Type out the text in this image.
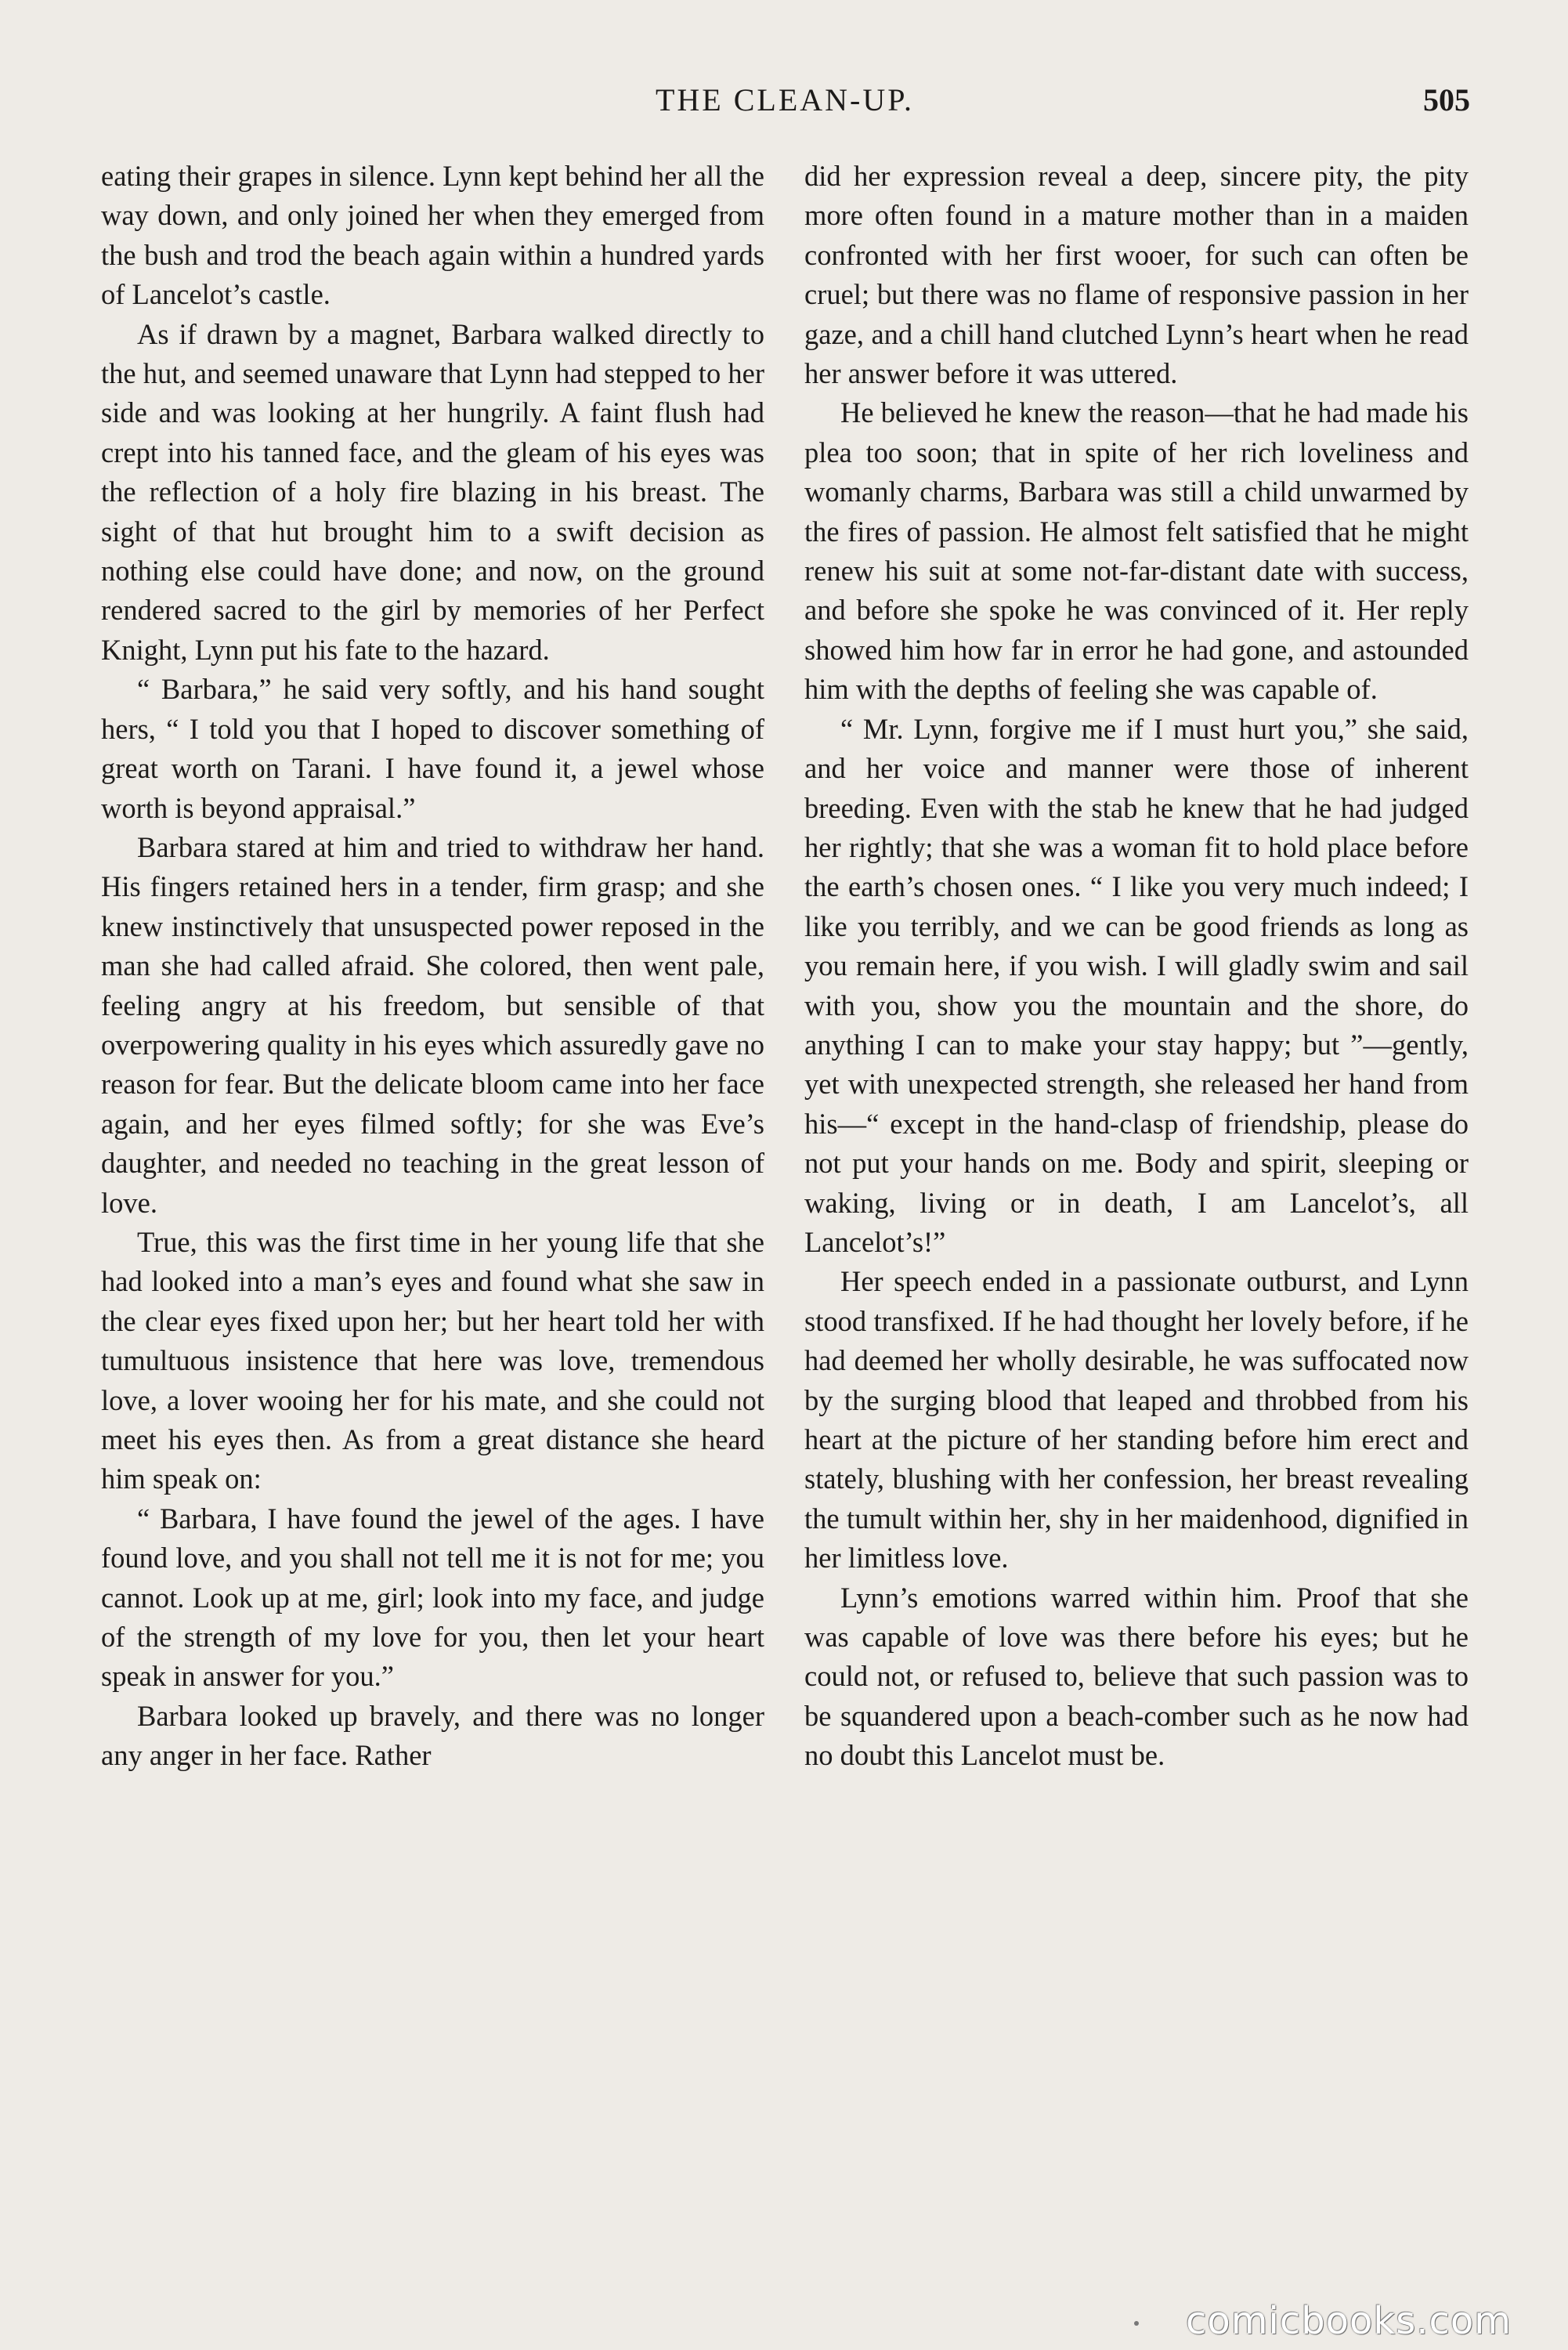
THE CLEAN-UP.	505

eating their grapes in silence. Lynn kept behind her all the way down, and only joined her when they emerged from the bush and trod the beach again within a hundred yards of Lancelot’s castle.

As if drawn by a magnet, Barbara walked directly to the hut, and seemed unaware that Lynn had stepped to her side and was looking at her hungrily. A faint flush had crept into his tanned face, and the gleam of his eyes was the reflection of a holy fire blazing in his breast. The sight of that hut brought him to a swift decision as nothing else could have done; and now, on the ground rendered sacred to the girl by memories of her Perfect Knight, Lynn put his fate to the hazard.

“ Barbara,” he said very softly, and his hand sought hers, “ I told you that I hoped to discover something of great worth on Tarani. I have found it, a jewel whose worth is beyond appraisal.”

Barbara stared at him and tried to withdraw her hand. His fingers retained hers in a tender, firm grasp; and she knew instinctively that unsuspected power reposed in the man she had called afraid. She colored, then went pale, feeling angry at his freedom, but sensible of that overpowering quality in his eyes which assuredly gave no reason for fear. But the delicate bloom came into her face again, and her eyes filmed softly; for she was Eve’s daughter, and needed no teaching in the great lesson of love.

True, this was the first time in her young life that she had looked into a man’s eyes and found what she saw in the clear eyes fixed upon her; but her heart told her with tumultuous insistence that here was love, tremendous love, a lover wooing her for his mate, and she could not meet his eyes then. As from a great distance she heard him speak on:

“ Barbara, I have found the jewel of the ages. I have found love, and you shall not tell me it is not for me; you cannot. Look up at me, girl; look into my face, and judge of the strength of my love for you, then let your heart speak in answer for you.”

Barbara looked up bravely, and there was no longer any anger in her face. Rather

did her expression reveal a deep, sincere pity, the pity more often found in a mature mother than in a maiden confronted with her first wooer, for such can often be cruel; but there was no flame of responsive passion in her gaze, and a chill hand clutched Lynn’s heart when he read her answer before it was uttered.

He believed he knew the reason—that he had made his plea too soon; that in spite of her rich loveliness and womanly charms, Barbara was still a child unwarmed by the fires of passion. He almost felt satisfied that he might renew his suit at some not-far-distant date with success, and before she spoke he was convinced of it. Her reply showed him how far in error he had gone, and astounded him with the depths of feeling she was capable of.

“ Mr. Lynn, forgive me if I must hurt you,” she said, and her voice and manner were those of inherent breeding. Even with the stab he knew that he had judged her rightly; that she was a woman fit to hold place before the earth’s chosen ones. “ I like you very much indeed; I like you terribly, and we can be good friends as long as you remain here, if you wish. I will gladly swim and sail with you, show you the mountain and the shore, do anything I can to make your stay happy; but ”—gently, yet with unexpected strength, she released her hand from his—“ except in the hand-clasp of friendship, please do not put your hands on me. Body and spirit, sleeping or waking, living or in death, I am Lancelot’s, all Lancelot’s!”

Her speech ended in a passionate outburst, and Lynn stood transfixed. If he had thought her lovely before, if he had deemed her wholly desirable, he was suffocated now by the surging blood that leaped and throbbed from his heart at the picture of her standing before him erect and stately, blushing with her confession, her breast revealing the tumult within her, shy in her maidenhood, dignified in her limitless love.

Lynn’s emotions warred within him. Proof that she was capable of love was there before his eyes; but he could not, or refused to, believe that such passion was to be squandered upon a beach-comber such as he now had no doubt this Lancelot must be.

comicbooks.com
